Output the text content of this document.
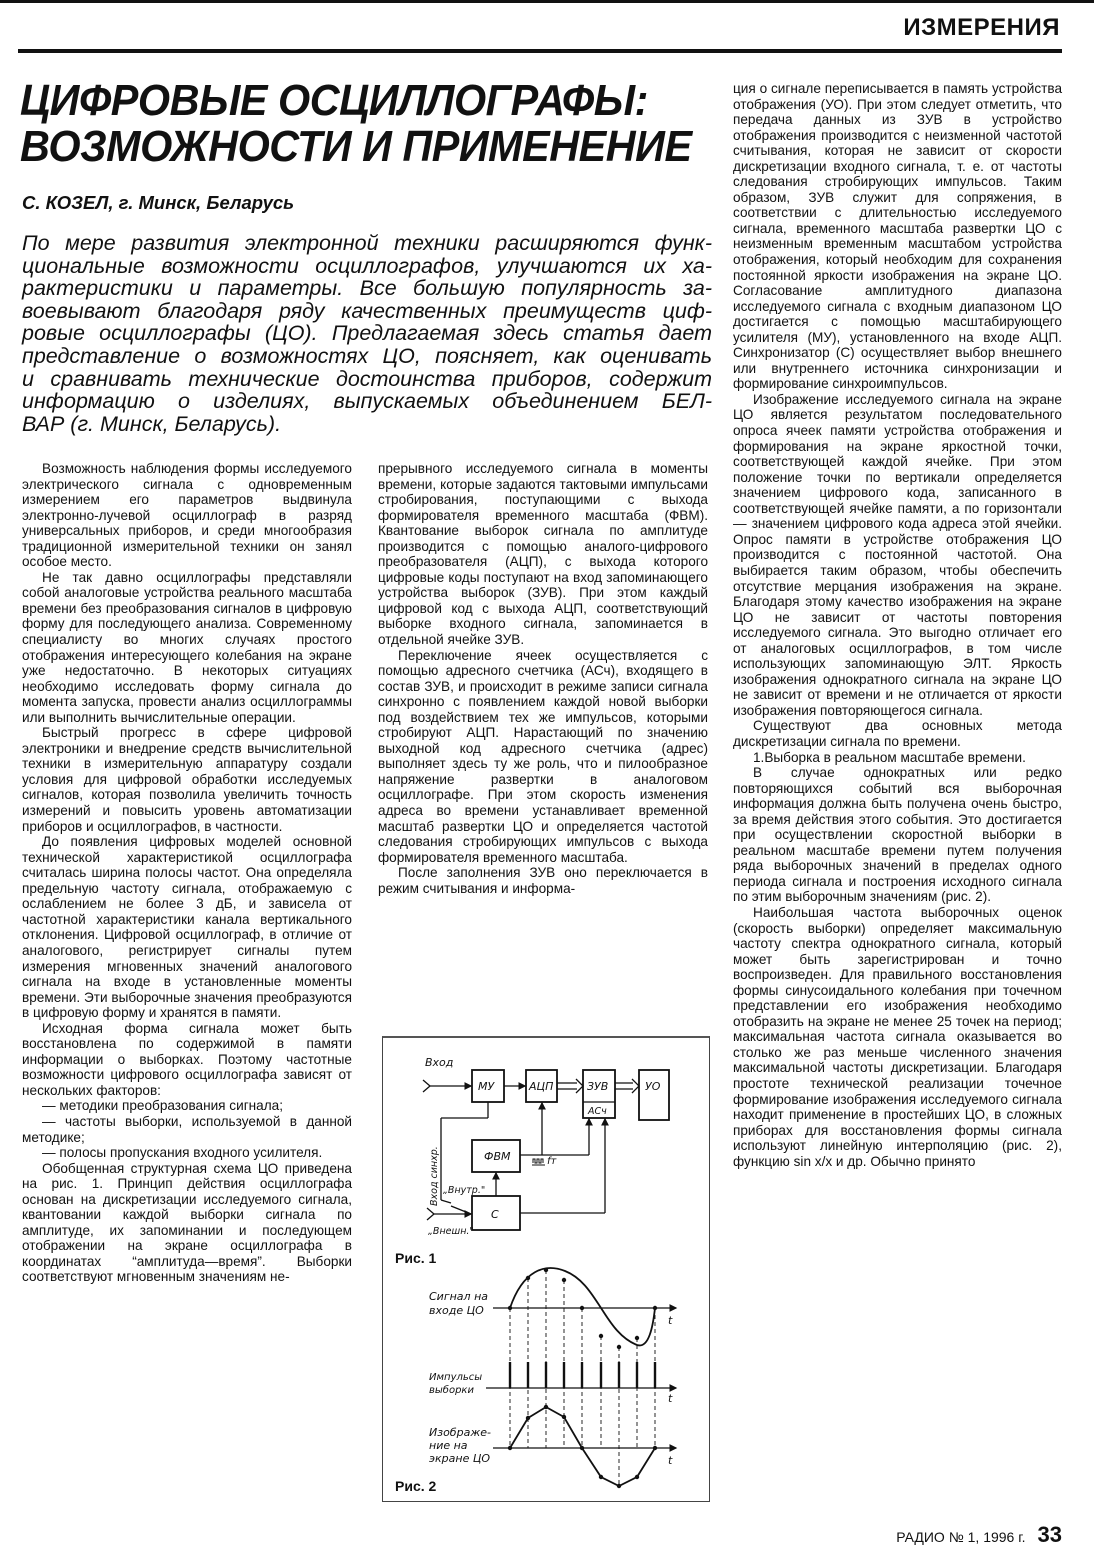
ИЗМЕРЕНИЯ
ЦИФРОВЫЕ ОСЦИЛЛОГРАФЫ:
ВОЗМОЖНОСТИ И ПРИМЕНЕНИЕ
С. КОЗЕЛ, г. Минск, Беларусь
По мере развития электронной техники расширяются функ-
циональные возможности осциллографов, улучшаются их ха-
рактеристики и параметры. Все большую популярность за-
воевывают благодаря ряду качественных преимуществ циф-
ровые осциллографы (ЦО). Предлагаемая здесь статья дает
представление о возможностях ЦО, поясняет, как оценивать
и сравнивать технические достоинства приборов, содержит
информацию о изделиях, выпускаемых объединением БЕЛ-
ВАР (г. Минск, Беларусь).

Возможность наблюдения формы исследуемого электрического сигнала с одновременным измерением его параметров выдвинула электронно-лучевой осциллограф в разряд универсальных приборов, и среди многообразия традиционной измерительной техники он занял особое место.

Не так давно осциллографы представляли собой аналоговые устройства реального масштаба времени без преобразования сигналов в цифровую форму для последующего анализа. Современному специалисту во многих случаях простого отображения интересующего колебания на экране уже недостаточно. В некоторых ситуациях необходимо исследовать форму сигнала до момента запуска, провести анализ осциллограммы или выполнить вычислительные операции.

Быстрый прогресс в сфере цифровой электроники и внедрение средств вычислительной техники в измерительную аппаратуру создали условия для цифровой обработки исследуемых сигналов, которая позволила увеличить точность измерений и повысить уровень автоматизации приборов и осциллографов, в частности.

До появления цифровых моделей основной технической характеристикой осциллографа считалась ширина полосы частот. Она определяла предельную частоту сигнала, отображаемую с ослаблением не более 3 дБ, и зависела от частотной характеристики канала вертикального отклонения. Цифровой осциллограф, в отличие от аналогового, регистрирует сигналы путем измерения мгновенных значений аналогового сигнала на входе в установленные моменты времени. Эти выборочные значения преобразуются в цифровую форму и хранятся в памяти.

Исходная форма сигнала может быть восстановлена по содержимой в памяти информации о выборках. Поэтому частотные возможности цифрового осциллографа зависят от нескольких факторов:

— методики преобразования сигнала;

— частоты выборки, используемой в данной методике;

— полосы пропускания входного усилителя.

Обобщенная структурная схема ЦО приведена на рис. 1. Принцип действия осциллографа основан на дискретизации исследуемого сигнала, квантовании каждой выборки сигнала по амплитуде, их запоминании и последующем отображении на экране осциллографа в координатах “амплитуда—время”. Выборки соответствуют мгновенным значениям не-

прерывного исследуемого сигнала в моменты времени, которые задаются тактовыми импульсами стробирования, поступающими с выхода формирователя временного масштаба (ФВМ). Квантование выборок сигнала по амплитуде производится с помощью аналого-цифрового преобразователя (АЦП), с выхода которого цифровые коды поступают на вход запоминающего устройства выборок (ЗУВ). При этом каждый цифровой код с выхода АЦП, соответствующий выборке входного сигнала, запоминается в отдельной ячейке ЗУВ.

Переключение ячеек осуществляется с помощью адресного счетчика (АСч), входящего в состав ЗУВ, и происходит в режиме записи сигнала синхронно с появлением каждой новой выборки под воздействием тех же импульсов, которыми стробируют АЦП. Нарастающий по значению выходной код адресного счетчика (адрес) выполняет здесь ту же роль, что и пилообразное напряжение развертки в аналоговом осциллографе. При этом скорость изменения адреса во времени устанавливает временной масштаб развертки ЦО и определяется частотой следования стробирующих импульсов с выхода формирователя временного масштаба.

После заполнения ЗУВ оно переключается в режим считывания и информа-

ция о сигнале переписывается в память устройства отображения (УО). При этом следует отметить, что передача данных из ЗУВ в устройство отображения производится с неизменной частотой считывания, которая не зависит от скорости дискретизации входного сигнала, т. е. от частоты следования стробирующих импульсов. Таким образом, ЗУВ служит для сопряжения, в соответствии с длительностью исследуемого сигнала, временного масштаба развертки ЦО с неизменным временным масштабом устройства отображения, который необходим для сохранения постоянной яркости изображения на экране ЦО. Согласование амплитудного диапазона исследуемого сигнала с входным диапазоном ЦО достигается с помощью масштабирующего усилителя (МУ), установленного на входе АЦП. Синхронизатор (С) осуществляет выбор внешнего или внутреннего источника синхронизации и формирование синхроимпульсов.

Изображение исследуемого сигнала на экране ЦО является результатом последовательного опроса ячеек памяти устройства отображения и формирования на экране яркостной точки, соответствующей каждой ячейке. При этом положение точки по вертикали определяется значением цифрового кода, записанного в соответствующей ячейке памяти, а по горизонтали — значением цифрового кода адреса этой ячейки. Опрос памяти в устройстве отображения ЦО производится с постоянной частотой. Она выбирается таким образом, чтобы обеспечить отсутствие мерцания изображения на экране. Благодаря этому качество изображения на экране ЦО не зависит от частоты повторения исследуемого сигнала. Это выгодно отличает его от аналоговых осциллографов, в том числе использующих запоминающую ЭЛТ. Яркость изображения однократного сигнала на экране ЦО не зависит от времени и не отличается от яркости изображения повторяющегося сигнала.

Существуют два основных метода дискретизации сигнала по времени.

1.Выборка в реальном масштабе времени.

В случае однократных или редко повторяющихся событий вся выборочная информация должна быть получена очень быстро, за время действия этого события. Это достигается при осуществлении скоростной выборки в реальном масштабе времени путем получения ряда выборочных значений в пределах одного периода сигнала и построения исходного сигнала по этим выборочным значениям (рис. 2).

Наибольшая частота выборочных оценок (скорость выборки) определяет максимальную частоту спектра однократного сигнала, который может быть зарегистрирован и точно воспроизведен. Для правильного восстановления формы синусоидального колебания при точечном представлении его изображения необходимо отобразить на экране не менее 25 точек на период; максимальная частота сигнала оказывается во столько же раз меньше численного значения максимальной частоты дискретизации. Благодаря простоте технической реализации точечное формирование изображения исследуемого сигнала находит применение в простейших ЦО, в сложных приборах для восстановления формы сигнала используют линейную интерполяцию (рис. 2), функцию sin x/x и др. Обычно принято

Вход
МУ	АЦП	ЗУВ
АСч
УО
ФВМ
С
fт
„Внутр."
„Внешн."
Вход синхр.
Рис. 1
Сигнал на
входе ЦО
Импульсы
выборки
Изображе-
ние на
экране ЦО
t
t
t
Рис. 2
РАДИО № 1, 1996 г. 33
